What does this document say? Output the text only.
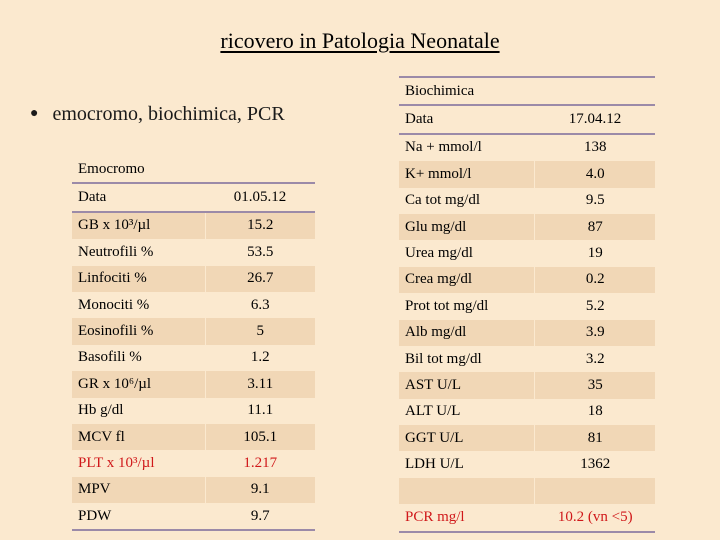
ricovero in Patologia Neonatale
● emocromo, biochimica, PCR
Emocromo	
Data	01.05.12
GB x 10³/µl	15.2
Neutrofili %	53.5
Linfociti %	26.7
Monociti %	6.3
Eosinofili %	5
Basofili %	1.2
GR x 10⁶/µl	3.11
Hb g/dl	11.1
MCV fl	105.1
PLT x 10³/µl	1.217
MPV	9.1
PDW	9.7
Biochimica	
Data	17.04.12
Na + mmol/l	138
K+ mmol/l	4.0
Ca tot mg/dl	9.5
Glu mg/dl	87
Urea mg/dl	19
Crea mg/dl	0.2
Prot tot mg/dl	5.2
Alb mg/dl	3.9
Bil tot mg/dl	3.2
AST U/L	35
ALT U/L	18
GGT U/L	81
LDH U/L	1362

PCR mg/l	10.2 (vn <5)
